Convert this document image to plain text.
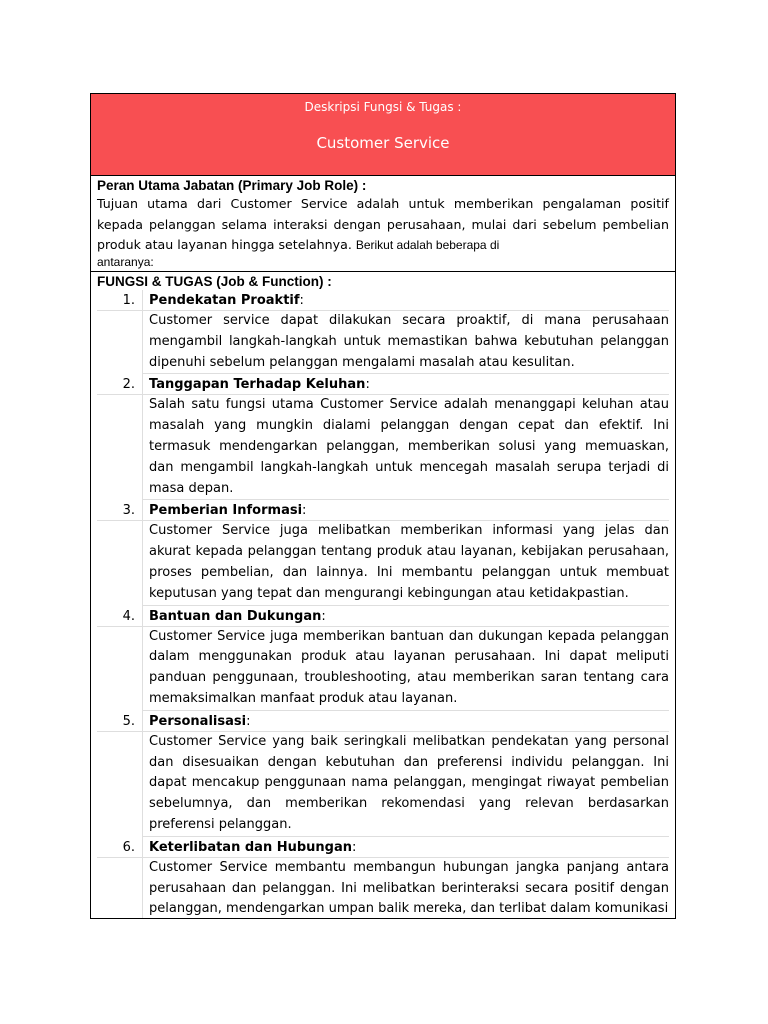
Deskripsi Fungsi & Tugas :
Customer Service
Peran Utama Jabatan (Primary Job Role) :

Tujuan utama dari Customer Service adalah untuk memberikan pengalaman positif kepada pelanggan selama interaksi dengan perusahaan, mulai dari sebelum pembelian produk atau layanan hingga setelahnya. Berikut adalah beberapa di

antaranya:

FUNGSI & TUGAS (Job & Function) :
1.	Pendekatan Proaktif:
Customer service dapat dilakukan secara proaktif, di mana perusahaan mengambil langkah-langkah untuk memastikan bahwa kebutuhan pelanggan dipenuhi sebelum pelanggan mengalami masalah atau kesulitan.
2.	Tanggapan Terhadap Keluhan:
Salah satu fungsi utama Customer Service adalah menanggapi keluhan atau masalah yang mungkin dialami pelanggan dengan cepat dan efektif. Ini termasuk mendengarkan pelanggan, memberikan solusi yang memuaskan, dan mengambil langkah-langkah untuk mencegah masalah serupa terjadi di masa depan.
3.	Pemberian Informasi:
Customer Service juga melibatkan memberikan informasi yang jelas dan akurat kepada pelanggan tentang produk atau layanan, kebijakan perusahaan, proses pembelian, dan lainnya. Ini membantu pelanggan untuk membuat keputusan yang tepat dan mengurangi kebingungan atau ketidakpastian.
4.	Bantuan dan Dukungan:
Customer Service juga memberikan bantuan dan dukungan kepada pelanggan dalam menggunakan produk atau layanan perusahaan. Ini dapat meliputi panduan penggunaan, troubleshooting, atau memberikan saran tentang cara memaksimalkan manfaat produk atau layanan.
5.	Personalisasi:
Customer Service yang baik seringkali melibatkan pendekatan yang personal dan disesuaikan dengan kebutuhan dan preferensi individu pelanggan. Ini dapat mencakup penggunaan nama pelanggan, mengingat riwayat pembelian sebelumnya, dan memberikan rekomendasi yang relevan berdasarkan preferensi pelanggan.
6.	Keterlibatan dan Hubungan:
Customer Service membantu membangun hubungan jangka panjang antara perusahaan dan pelanggan. Ini melibatkan berinteraksi secara positif dengan pelanggan, mendengarkan umpan balik mereka, dan terlibat dalam komunikasi
